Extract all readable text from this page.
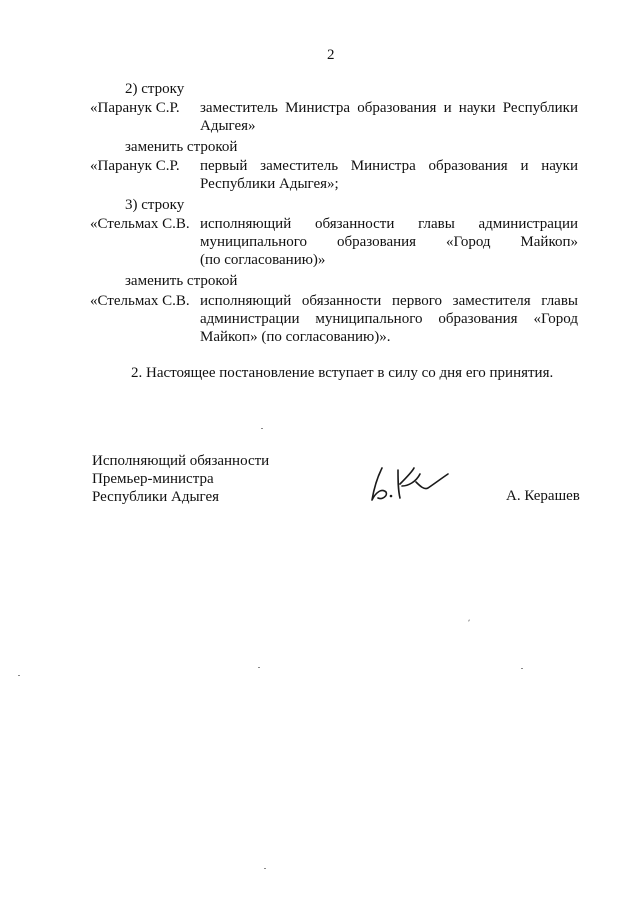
2
2) строку
«Паранук С.Р. заместитель Министра образования и науки Республики
Адыгея»
заменить строкой
«Паранук С.Р. первый заместитель Министра образования и науки
Республики Адыгея»;
3) строку
«Стельмах С.В. исполняющий обязанности главы администрации
муниципального образования «Город Майкоп»
(по согласованию)»
заменить строкой
«Стельмах С.В. исполняющий обязанности первого заместителя главы
администрации муниципального образования «Город
Майкоп» (по согласованию)».
2. Настоящее постановление вступает в силу со дня его принятия.
Исполняющий обязанности
Премьер-министра
Республики Адыгея	А. Керашев
